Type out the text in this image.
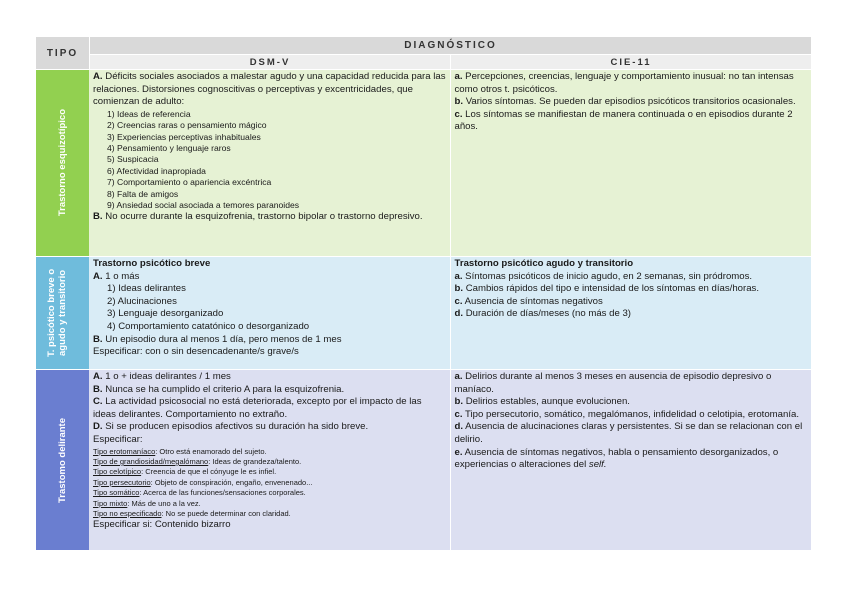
TIPO
DIAGNÓSTICO
DSM-V	CIE-11
Trastorno esquizotípico
A. Déficits sociales asociados a malestar agudo y una capacidad reducida para las relaciones. Distorsiones cognoscitivas o perceptivas y excentricidades, que comienzan de adulto:
1) Ideas de referencia
2) Creencias raras o pensamiento mágico
3) Experiencias perceptivas inhabituales
4) Pensamiento y lenguaje raros
5) Suspicacia
6) Afectividad inapropiada
7) Comportamiento o apariencia excéntrica
8) Falta de amigos
9) Ansiedad social asociada a temores paranoides
B. No ocurre durante la esquizofrenia, trastorno bipolar o trastorno depresivo.
a. Percepciones, creencias, lenguaje y comportamiento inusual: no tan intensas como otros t. psicóticos.
b. Varios síntomas. Se pueden dar episodios psicóticos transitorios ocasionales.
c. Los síntomas se manifiestan de manera continuada o en episodios durante 2 años.
T. psicótico breve o agudo y transitorio
Trastorno psicótico breve
A. 1 o más
1) Ideas delirantes
2) Alucinaciones
3) Lenguaje desorganizado
4) Comportamiento catatónico o desorganizado
B. Un episodio dura al menos 1 día, pero menos de 1 mes
Especificar: con o sin desencadenante/s grave/s
Trastorno psicótico agudo y transitorio
a. Síntomas psicóticos de inicio agudo, en 2 semanas, sin pródromos.
b. Cambios rápidos del tipo e intensidad de los síntomas en días/horas.
c. Ausencia de síntomas negativos
d. Duración de días/meses (no más de 3)
Trastomo delirante
A. 1 o + ideas delirantes / 1 mes
B. Nunca se ha cumplido el criterio A para la esquizofrenia.
C. La actividad psicosocial no está deteriorada, excepto por el impacto de las ideas delirantes. Comportamiento no extraño.
D. Si se producen episodios afectivos su duración ha sido breve.
Especificar:
Tipo erotomaníaco: Otro está enamorado del sujeto.
Tipo de grandiosidad/megalómano: Ideas de grandeza/talento.
Tipo celotípico: Creencia de que el cónyuge le es infiel.
Tipo persecutorio: Objeto de conspiración, engaño, envenenado...
Tipo somático: Acerca de las funciones/sensaciones corporales.
Tipo mixto: Más de uno a la vez.
Tipo no especificado: No se puede determinar con claridad.
Especificar si: Contenido bizarro
a. Delirios durante al menos 3 meses en ausencia de episodio depresivo o maníaco.
b. Delirios estables, aunque evolucionen.
c. Tipo persecutorio, somático, megalómanos, infidelidad o celotipia, erotomanía.
d. Ausencia de alucinaciones claras y persistentes. Si se dan se relacionan con el delirio.
e. Ausencia de síntomas negativos, habla o pensamiento desorganizados, o experiencias o alteraciones del self.
